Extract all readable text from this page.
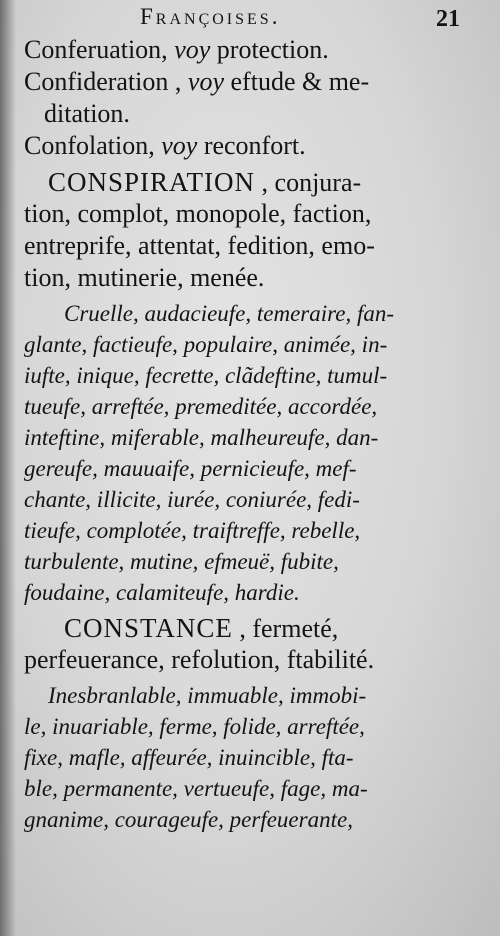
Françoises.	21
Conferuation, voy protection.
Confideration , voy eftude & me-
ditation.
Confolation, voy reconfort.
CONSPIRATION , conjura-
tion, complot, monopole, faction,
entreprife, attentat, fedition, emo-
tion, mutinerie, menée.
Cruelle, audacieufe, temeraire, fan-
glante, factieufe, populaire, animée, in-
iufte, inique, fecrette, clãdeftine, tumul-
tueufe, arreftée, premeditée, accordée,
inteftine, miferable, malheureufe, dan-
gereufe, mauuaife, pernicieufe, mef-
chante, illicite, iurée, coniurée, fedi-
tieufe, complotée, traiftreffe, rebelle,
turbulente, mutine, efmeuë, fubite,
foudaine, calamiteufe, hardie.
CONSTANCE , fermeté,
perfeuerance, refolution, ftabilité.
Inesbranlable, immuable, immobi-
le, inuariable, ferme, folide, arreftée,
fixe, mafle, affeurée, inuincible, fta-
ble, permanente, vertueufe, fage, ma-
gnanime, courageufe, perfeuerante,
